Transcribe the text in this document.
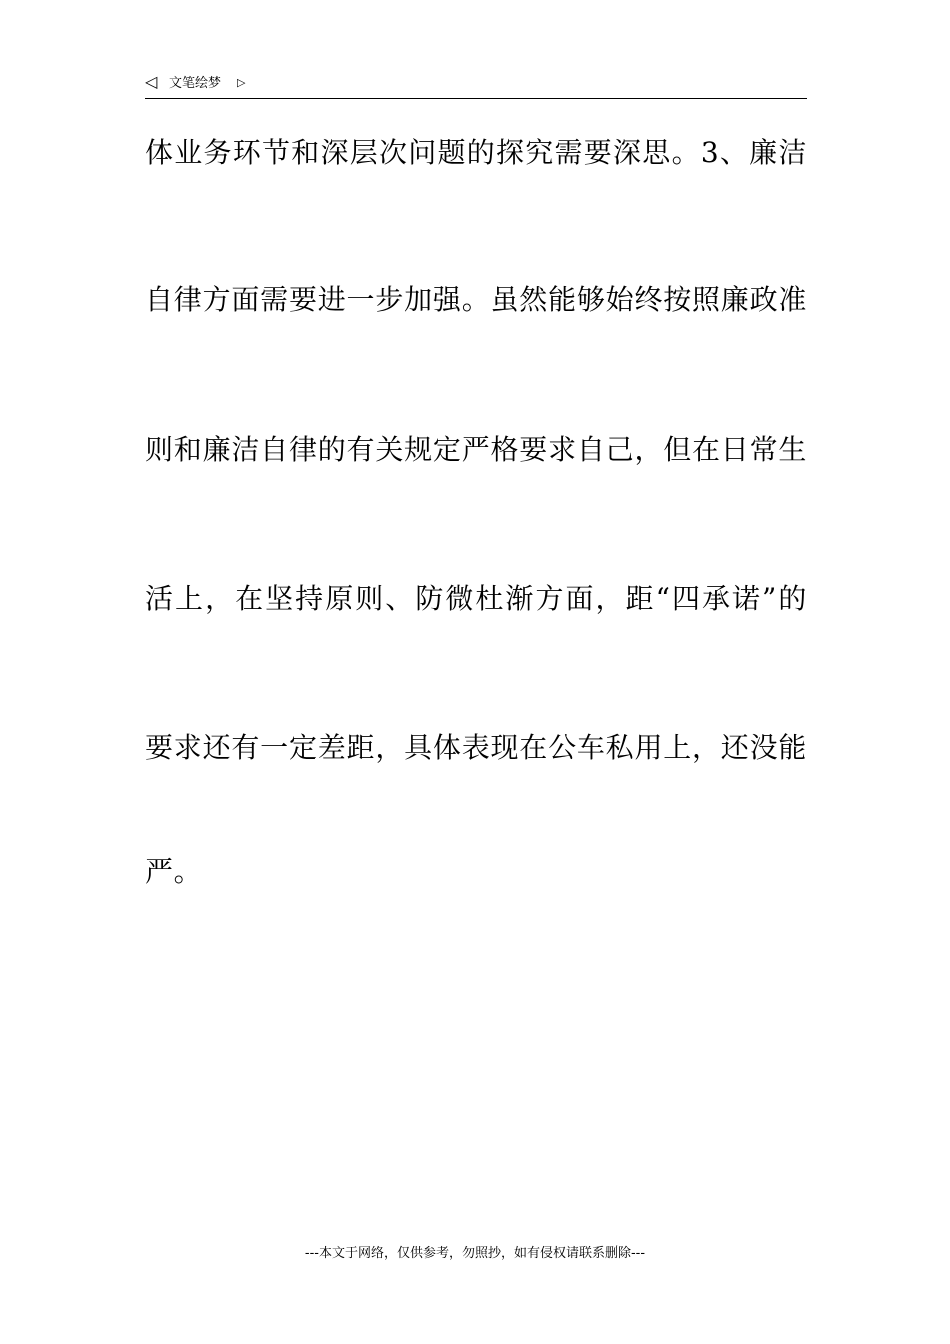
◁ 文笔绘梦 ▷
体业务环节和深层次问题的探究需要深思。3、廉洁
自律方面需要进一步加强。虽然能够始终按照廉政准
则和廉洁自律的有关规定严格要求自己，但在日常生
活上，在坚持原则、防微杜渐方面，距“四承诺”的
要求还有一定差距，具体表现在公车私用上，还没能
严。
---本文于网络，仅供参考，勿照抄，如有侵权请联系删除---
